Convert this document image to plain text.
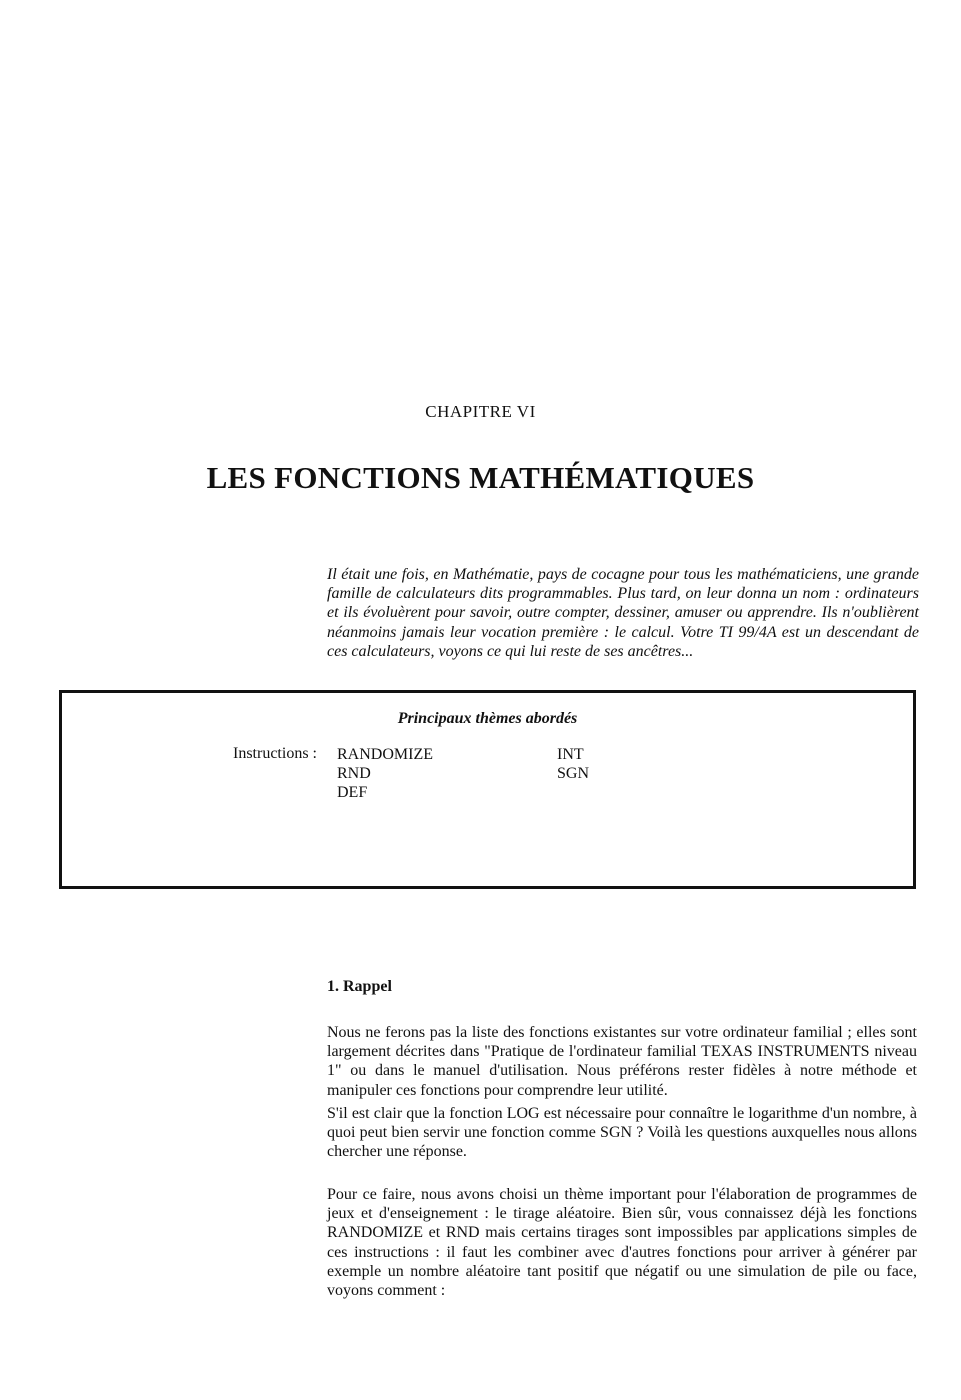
CHAPITRE VI
LES FONCTIONS MATHÉMATIQUES

Il était une fois, en Mathématie, pays de cocagne pour tous les mathématiciens, une grande famille de calculateurs dits programmables. Plus tard, on leur donna un nom : ordinateurs et ils évoluèrent pour savoir, outre compter, dessiner, amuser ou apprendre. Ils n'oublièrent néanmoins jamais leur vocation première : le calcul. Votre TI 99/4A est un descendant de ces calculateurs, voyons ce qui lui reste de ses ancêtres...

Principaux thèmes abordés
Instructions : RANDOMIZE
RND
DEF
INT
SGN
1. Rappel

Nous ne ferons pas la liste des fonctions existantes sur votre ordinateur familial ; elles sont largement décrites dans "Pratique de l'ordinateur familial TEXAS INSTRUMENTS niveau 1" ou dans le manuel d'utilisation. Nous préférons rester fidèles à notre méthode et manipuler ces fonctions pour comprendre leur utilité.

S'il est clair que la fonction LOG est nécessaire pour connaître le logarithme d'un nombre, à quoi peut bien servir une fonction comme SGN ? Voilà les questions auxquelles nous allons chercher une réponse.

Pour ce faire, nous avons choisi un thème important pour l'élaboration de programmes de jeux et d'enseignement : le tirage aléatoire. Bien sûr, vous connaissez déjà les fonctions RANDOMIZE et RND mais certains tirages sont impossibles par applications simples de ces instructions : il faut les combiner avec d'autres fonctions pour arriver à générer par exemple un nombre aléatoire tant positif que négatif ou une simulation de pile ou face, voyons comment :
